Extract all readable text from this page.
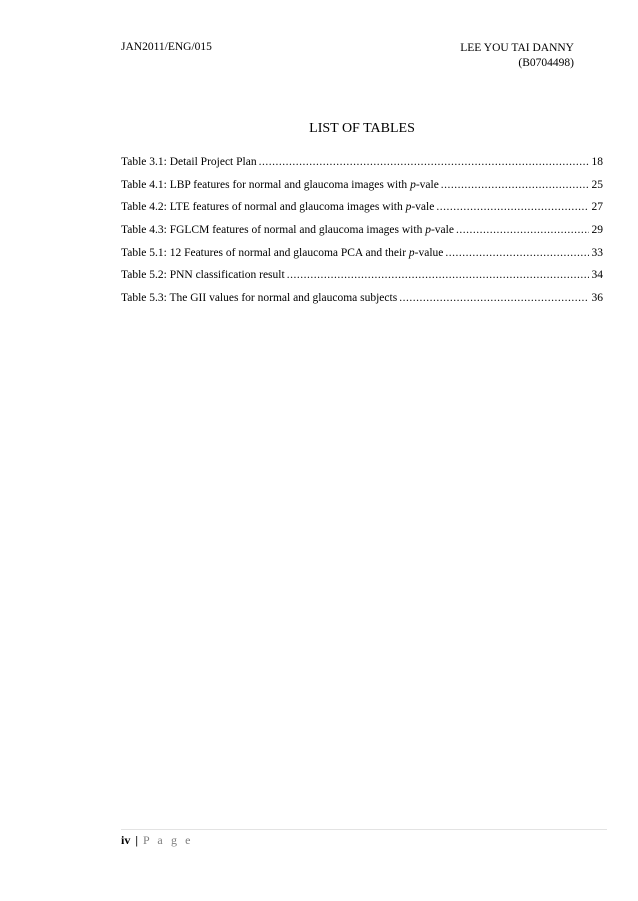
JAN2011/ENG/015	LEE YOU TAI DANNY
(B0704498)
LIST OF TABLES
Table 3.1: Detail Project Plan .....	18
Table 4.1: LBP features for normal and glaucoma images with p-vale .....	25
Table 4.2: LTE features of normal and glaucoma images with p-vale .....	27
Table 4.3: FGLCM features of normal and glaucoma images with p-vale .....	29
Table 5.1: 12 Features of normal and glaucoma PCA and their p-value .....	33
Table 5.2: PNN classification result .....	34
Table 5.3: The GII values for normal and glaucoma subjects .....	36
iv | P a g e
